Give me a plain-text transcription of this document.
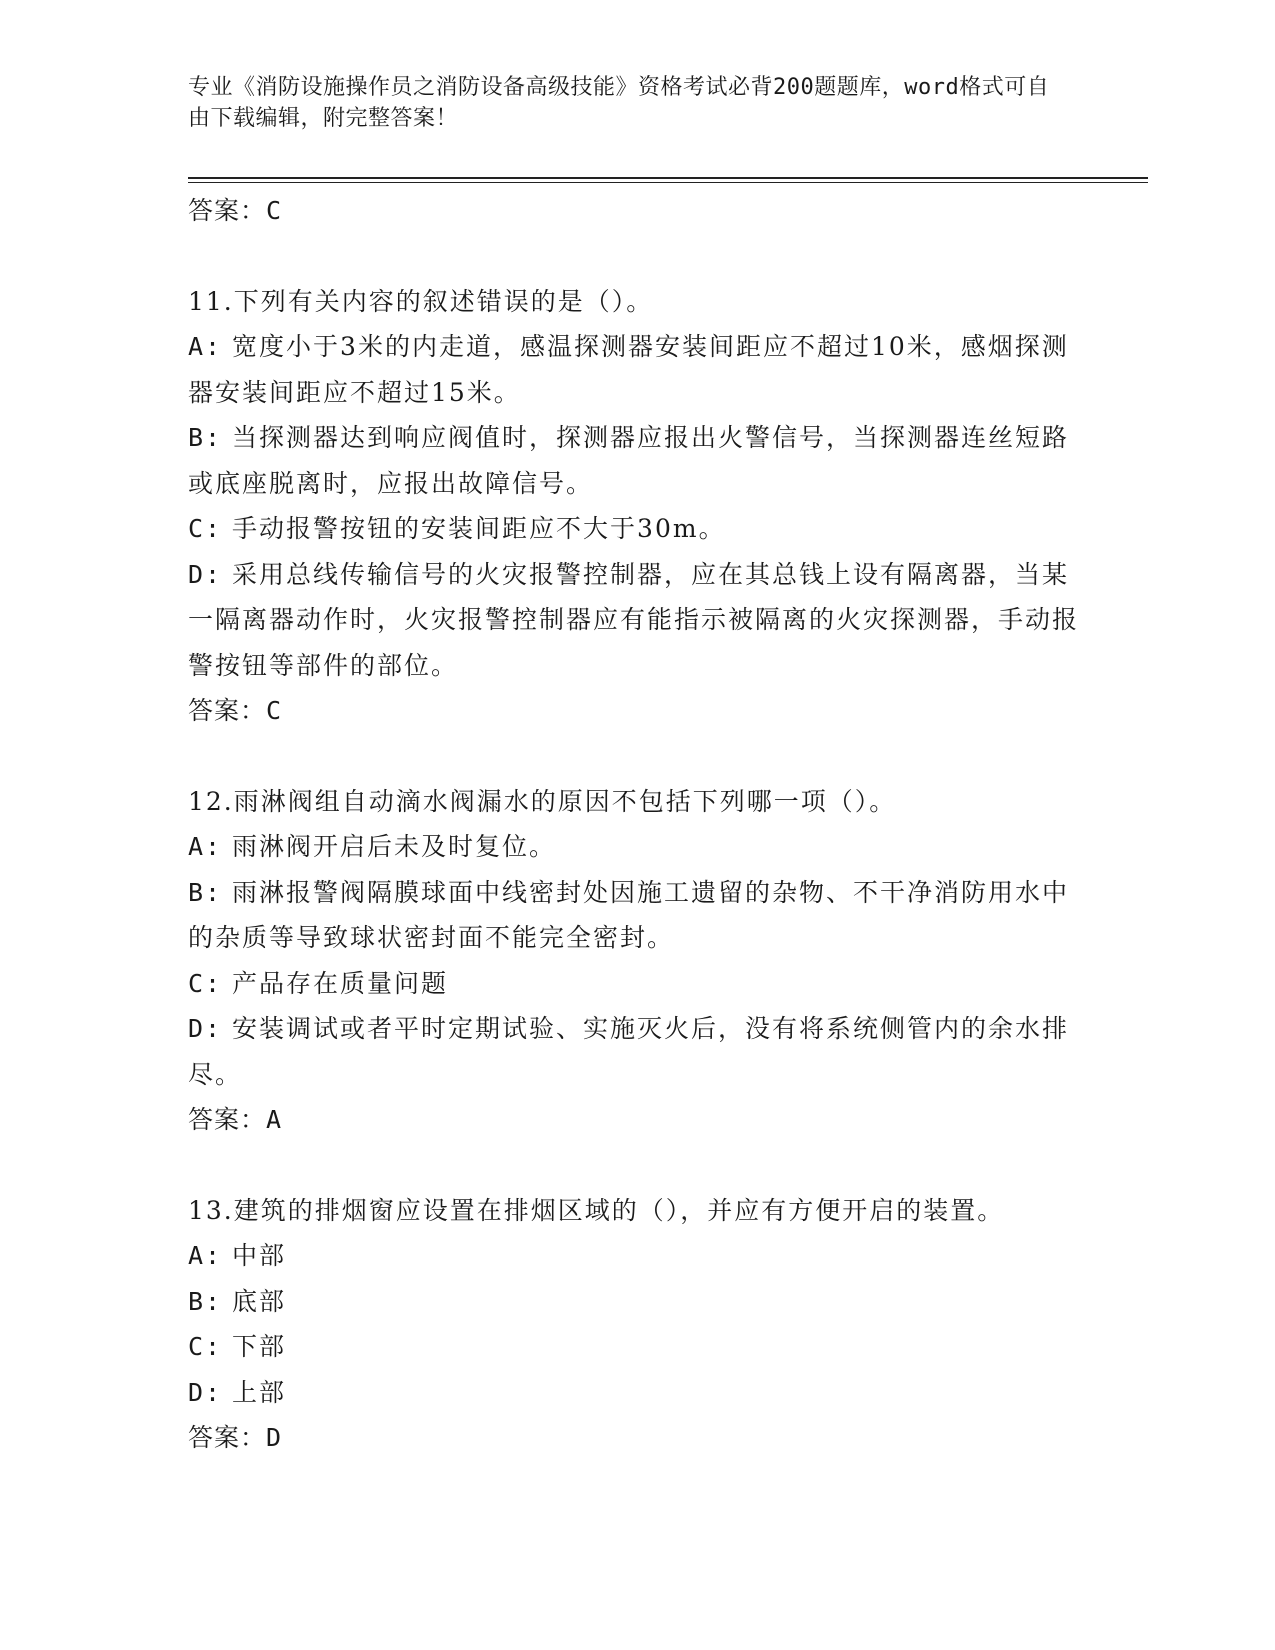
专业《消防设施操作员之消防设备高级技能》资格考试必背200题题库，word格式可自由下载编辑，附完整答案！

答案：C

11.下列有关内容的叙述错误的是（）。

A: 宽度小于3米的内走道，感温探测器安装间距应不超过10米，感烟探测器安装间距应不超过15米。

B: 当探测器达到响应阀值时，探测器应报出火警信号，当探测器连丝短路或底座脱离时，应报出故障信号。

C: 手动报警按钮的安装间距应不大于30m。

D: 采用总线传输信号的火灾报警控制器，应在其总钱上设有隔离器，当某一隔离器动作时，火灾报警控制器应有能指示被隔离的火灾探测器，手动报警按钮等部件的部位。

答案：C

12.雨淋阀组自动滴水阀漏水的原因不包括下列哪一项（）。

A: 雨淋阀开启后未及时复位。

B: 雨淋报警阀隔膜球面中线密封处因施工遗留的杂物、不干净消防用水中的杂质等导致球状密封面不能完全密封。

C: 产品存在质量问题

D: 安装调试或者平时定期试验、实施灭火后，没有将系统侧管内的余水排尽。

答案：A

13.建筑的排烟窗应设置在排烟区域的（），并应有方便开启的装置。

A: 中部

B: 底部

C: 下部

D: 上部

答案：D
